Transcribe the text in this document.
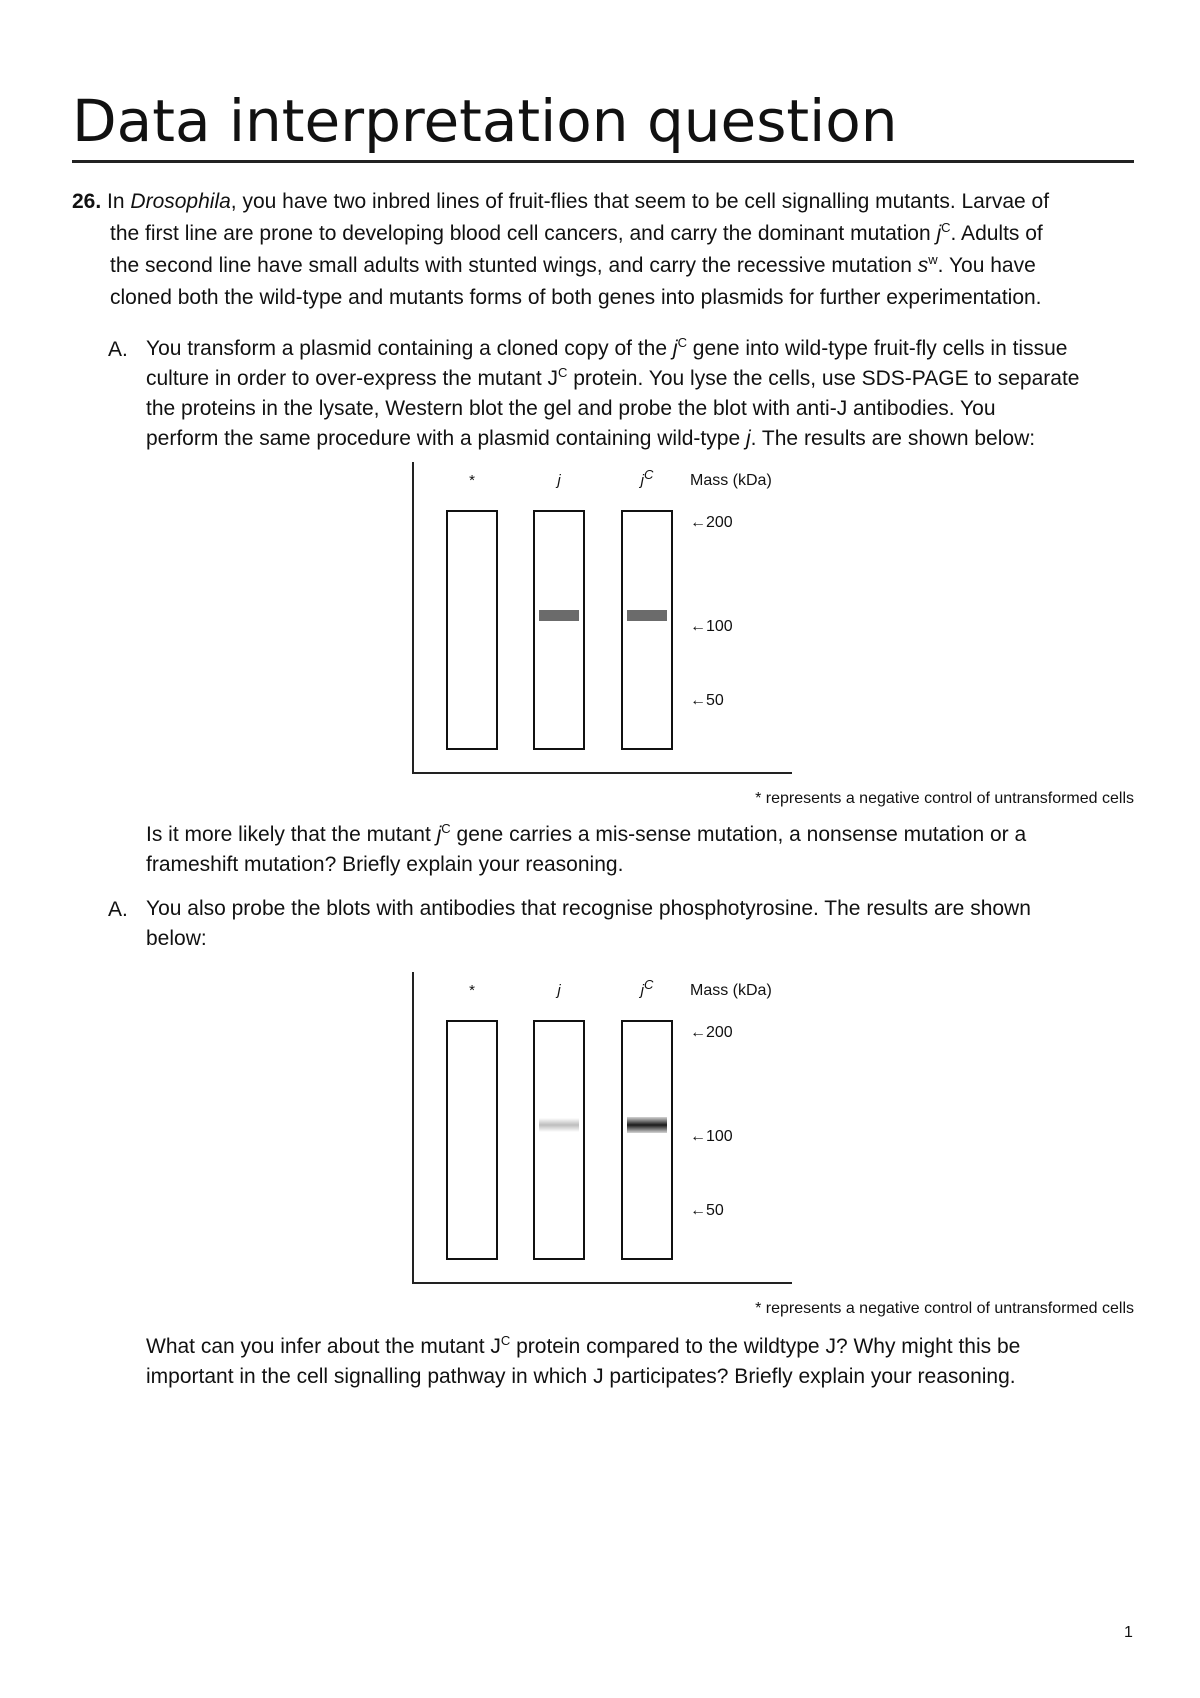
Data interpretation question
26. In Drosophila, you have two inbred lines of fruit-flies that seem to be cell signalling mutants. Larvae of
the first line are prone to developing blood cell cancers, and carry the dominant mutation $j^C$. Adults of
the second line have small adults with stunted wings, and carry the recessive mutation $s^w$. You have
cloned both the wild-type and mutants forms of both genes into plasmids for further experimentation.
A. You transform a plasmid containing a cloned copy of the $j^C$ gene into wild-type fruit-fly cells in tissue
culture in order to over-express the mutant $J^C$ protein. You lyse the cells, use SDS-PAGE to separate
the proteins in the lysate, Western blot the gel and probe the blot with anti-J antibodies. You
perform the same procedure with a plasmid containing wild-type j. The results are shown below:
*	j	$j^C$	Mass (kDa)
←200
←100
←50
* represents a negative control of untransformed cells
Is it more likely that the mutant $j^C$ gene carries a mis-sense mutation, a nonsense mutation or a
frameshift mutation? Briefly explain your reasoning.
A. You also probe the blots with antibodies that recognise phosphotyrosine. The results are shown
below:
*	j	$j^C$	Mass (kDa)
←200
←100
←50
* represents a negative control of untransformed cells
What can you infer about the mutant $J^C$ protein compared to the wildtype J? Why might this be
important in the cell signalling pathway in which J participates? Briefly explain your reasoning.
1
